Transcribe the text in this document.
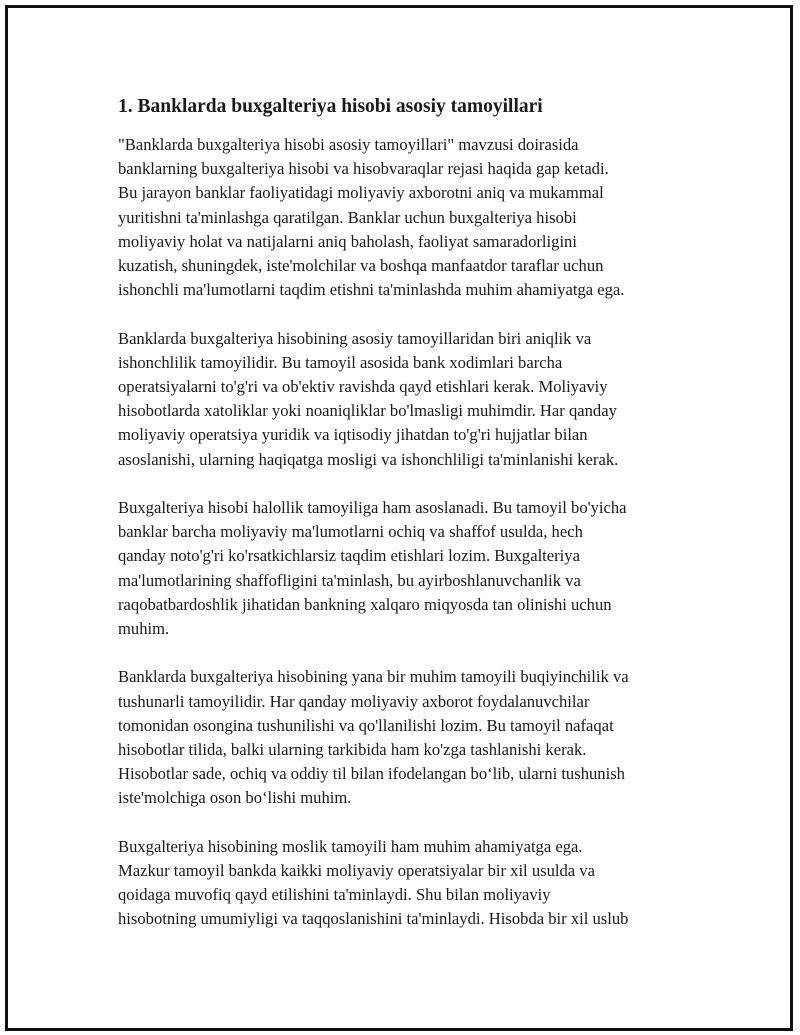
1. Banklarda buxgalteriya hisobi asosiy tamoyillari

"Banklarda buxgalteriya hisobi asosiy tamoyillari" mavzusi doirasida
banklarning buxgalteriya hisobi va hisobvaraqlar rejasi haqida gap ketadi.
Bu jarayon banklar faoliyatidagi moliyaviy axborotni aniq va mukammal
yuritishni ta'minlashga qaratilgan. Banklar uchun buxgalteriya hisobi
moliyaviy holat va natijalarni aniq baholash, faoliyat samaradorligini
kuzatish, shuningdek, iste'molchilar va boshqa manfaatdor taraflar uchun
ishonchli ma'lumotlarni taqdim etishni ta'minlashda muhim ahamiyatga ega.

Banklarda buxgalteriya hisobining asosiy tamoyillaridan biri aniqlik va
ishonchlilik tamoyilidir. Bu tamoyil asosida bank xodimlari barcha
operatsiyalarni to'g'ri va ob'ektiv ravishda qayd etishlari kerak. Moliyaviy
hisobotlarda xatoliklar yoki noaniqliklar bo'lmasligi muhimdir. Har qanday
moliyaviy operatsiya yuridik va iqtisodiy jihatdan to'g'ri hujjatlar bilan
asoslanishi, ularning haqiqatga mosligi va ishonchliligi ta'minlanishi kerak.

Buxgalteriya hisobi halollik tamoyiliga ham asoslanadi. Bu tamoyil bo'yicha
banklar barcha moliyaviy ma'lumotlarni ochiq va shaffof usulda, hech
qanday noto'g'ri ko'rsatkichlarsiz taqdim etishlari lozim. Buxgalteriya
ma'lumotlarining shaffofligini ta'minlash, bu ayirboshlanuvchanlik va
raqobatbardoshlik jihatidan bankning xalqaro miqyosda tan olinishi uchun
muhim.

Banklarda buxgalteriya hisobining yana bir muhim tamoyili buqiyinchilik va
tushunarli tamoyilidir. Har qanday moliyaviy axborot foydalanuvchilar
tomonidan osongina tushunilishi va qo'llanilishi lozim. Bu tamoyil nafaqat
hisobotlar tilida, balki ularning tarkibida ham ko'zga tashlanishi kerak.
Hisobotlar sade, ochiq va oddiy til bilan ifodelangan bo‘lib, ularni tushunish
iste'molchiga oson bo‘lishi muhim.

Buxgalteriya hisobining moslik tamoyili ham muhim ahamiyatga ega.
Mazkur tamoyil bankda kaikki moliyaviy operatsiyalar bir xil usulda va
qoidaga muvofiq qayd etilishini ta'minlaydi. Shu bilan moliyaviy
hisobotning umumiyligi va taqqoslanishini ta'minlaydi. Hisobda bir xil uslub
